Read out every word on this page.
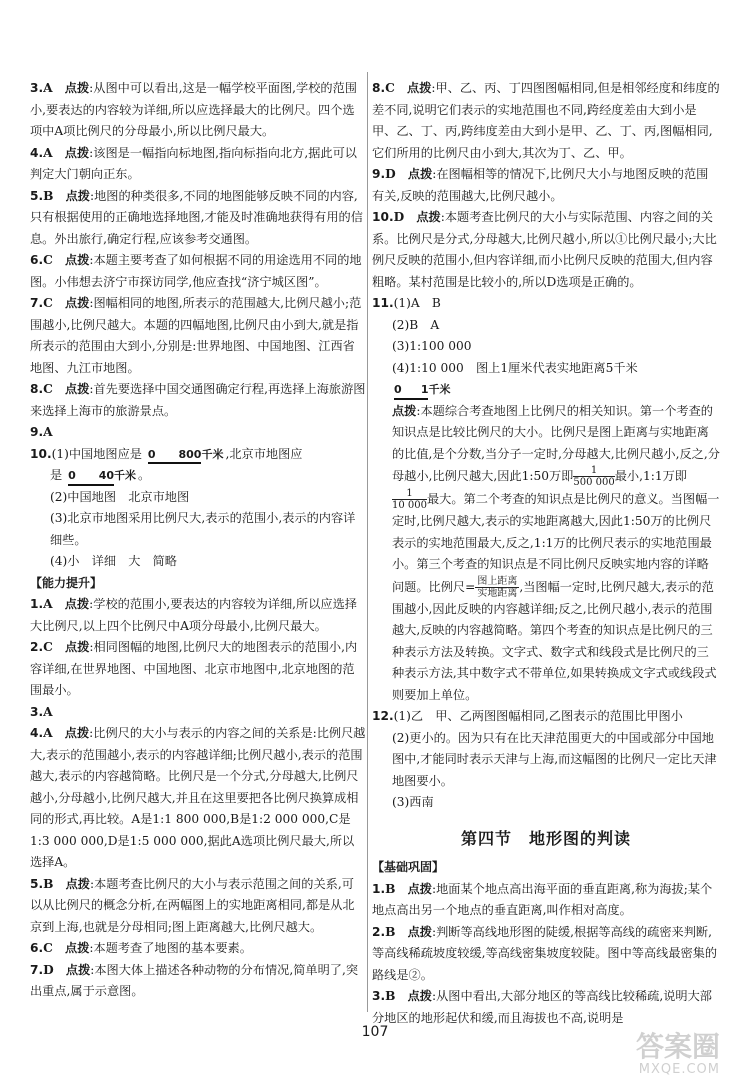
3.A　 点拨:从图中可以看出,这是一幅学校平面图,学校的范围小,要表达的内容较为详细,所以应选择最大的比例尺。四个选项中A项比例尺的分母最小,所以比例尺最大。

4.A　 点拨:该图是一幅指向标地图,指向标指向北方,据此可以判定大门朝向正东。

5.B　 点拨:地图的种类很多,不同的地图能够反映不同的内容,只有根据使用的正确地选择地图,才能及时准确地获得有用的信息。外出旅行,确定行程,应该参考交通图。

6.C　 点拨:本题主要考查了如何根据不同的用途选用不同的地图。小伟想去济宁市探访同学,他应查找“济宁城区图”。

7.C　 点拨:图幅相同的地图,所表示的范围越大,比例尺越小;范围越小,比例尺越大。本题的四幅地图,比例尺由小到大,就是指所表示的范围由大到小,分别是:世界地图、中国地图、江西省地图、九江市地图。

8.C　 点拨:首先要选择中国交通图确定行程,再选择上海旅游图来选择上海市的旅游景点。

9.A

10.(1)中国地图应是 0 800千米 ,北京市地图应

是 0 40千米 。

(2)中国地图　北京市地图

(3)北京市地图采用比例尺大,表示的范围小,表示的内容详细些。

(4)小　详细　大　简略

【能力提升】

1.A　 点拨:学校的范围小,要表达的内容较为详细,所以应选择大比例尺,以上四个比例尺中A项分母最小,比例尺最大。

2.C　 点拨:相同图幅的地图,比例尺大的地图表示的范围小,内容详细,在世界地图、中国地图、北京市地图中,北京地图的范围最小。

3.A

4.A　 点拨:比例尺的大小与表示的内容之间的关系是:比例尺越大,表示的范围越小,表示的内容越详细;比例尺越小,表示的范围越大,表示的内容越简略。比例尺是一个分式,分母越大,比例尺越小,分母越小,比例尺越大,并且在这里要把各比例尺换算成相同的形式,再比较。A是1:1 800 000,B是1:2 000 000,C是1:3 000 000,D是1:5 000 000,据此A选项比例尺最大,所以选择A。

5.B　 点拨:本题考查比例尺的大小与表示范围之间的关系,可以从比例尺的概念分析,在两幅图上的实地距离相同,都是从北京到上海,也就是分母相同;图上距离越大,比例尺越大。

6.C　 点拨:本题考查了地图的基本要素。

7.D　 点拨:本图大体上描述各种动物的分布情况,简单明了,突出重点,属于示意图。

8.C　 点拨:甲、乙、丙、丁四图图幅相同,但是相邻经度和纬度的差不同,说明它们表示的实地范围也不同,跨经度差由大到小是甲、乙、丁、丙,跨纬度差由大到小是甲、乙、丁、丙,图幅相同,它们所用的比例尺由小到大,其次为丁、乙、甲。

9.D　 点拨:在图幅相等的情况下,比例尺大小与地图反映的范围有关,反映的范围越大,比例尺越小。

10.D　 点拨:本题考查比例尺的大小与实际范围、内容之间的关系。比例尺是分式,分母越大,比例尺越小,所以①比例尺最小;大比例尺反映的范围小,但内容详细,而小比例尺反映的范围大,但内容粗略。某村范围是比较小的,所以D选项是正确的。

11.(1)A　B

(2)B　A

(3)1:100 000

(4)1:10 000　图上1厘米代表实地距离5千米

0 1千米

点拨:本题综合考查地图上比例尺的相关知识。第一个考查的知识点是比较比例尺的大小。比例尺是图上距离与实地距离的比值,是个分数,当分子一定时,分母越大,比例尺越小,反之,分母越小,比例尺越大,因此1:50万即 $\frac{1}{500 000}$ 最小,1:1万即
$\frac{1}{10 000}$ 最大。第二个考查的知识点是比例尺的意义。当图幅一定时,比例尺越大,表示的实地距离越大,因此1:50万的比例尺表示的实地范围最大,反之,1:1万的比例尺表示的实地范围最小。第三个考查的知识点是不同比例尺反映实地内容的详略问题。比例尺= $\frac{\text{图上距离}}{\text{实地距离}}$ ,当图幅一定时,比例尺越大,表示的范围越小,因此反映的内容越详细;反之,比例尺越小,表示的范围越大,反映的内容越简略。第四个考查的知识点是比例尺的三种表示方法及转换。文字式、数字式和线段式是比例尺的三种表示方法,其中数字式不带单位,如果转换成文字式或线段式则要加上单位。

12.(1)乙　甲、乙两图图幅相同,乙图表示的范围比甲图小

(2)更小的。因为只有在比天津范围更大的中国或部分中国地图中,才能同时表示天津与上海,而这幅图的比例尺一定比天津地图要小。

(3)西南

第四节　地形图的判读

【基础巩固】

1.B　 点拨:地面某个地点高出海平面的垂直距离,称为海拔;某个地点高出另一个地点的垂直距离,叫作相对高度。

2.B　 点拨:判断等高线地形图的陡缓,根据等高线的疏密来判断,等高线稀疏坡度较缓,等高线密集坡度较陡。图中等高线最密集的路线是②。

3.B　 点拨:从图中看出,大部分地区的等高线比较稀疏,说明大部分地区的地形起伏和缓,而且海拔也不高,说明是

107	答案圈
MXQE.COM
